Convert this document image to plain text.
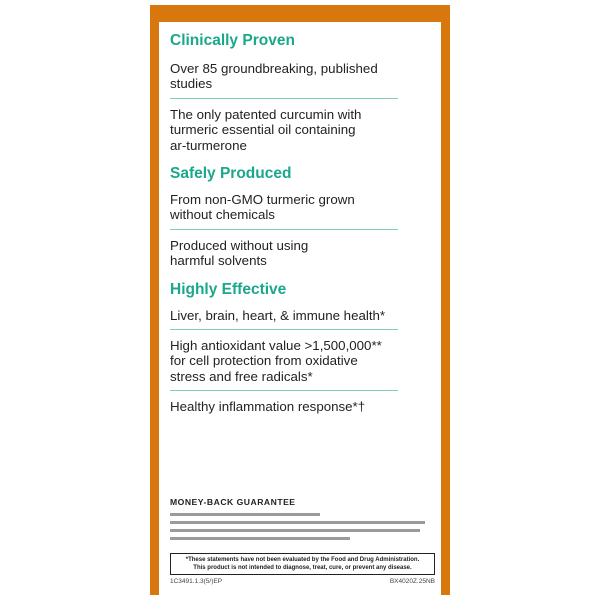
Clinically Proven
Over 85 groundbreaking, published
studies
The only patented curcumin with
turmeric essential oil containing
ar-turmerone
Safely Produced
From non-GMO turmeric grown
without chemicals
Produced without using
harmful solvents
Highly Effective
Liver, brain, heart, & immune health*
High antioxidant value >1,500,000**
for cell protection from oxidative
stress and free radicals*
Healthy inflammation response*†
MONEY-BACK GUARANTEE
*These statements have not been evaluated by the Food and Drug Administration.
This product is not intended to diagnose, treat, cure, or prevent any disease.
1C3491.1.3(5/)EP	BX4020Z.25NB
